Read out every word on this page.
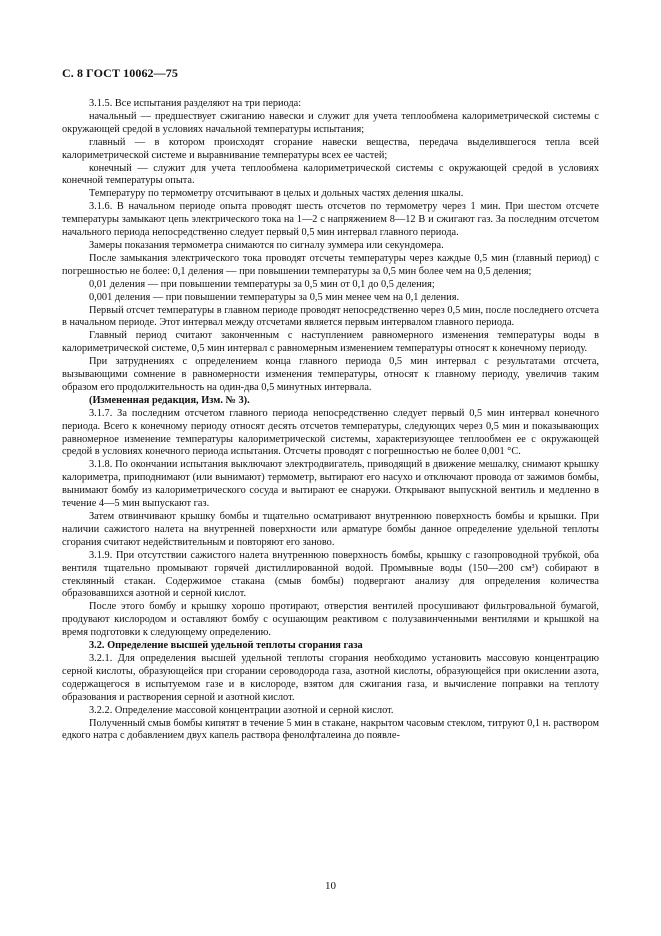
С. 8 ГОСТ 10062—75

3.1.5. Все испытания разделяют на три периода:

начальный — предшествует сжиганию навески и служит для учета теплообмена калориметрической системы с окружающей средой в условиях начальной температуры испытания;

главный — в котором происходят сгорание навески вещества, передача выделившегося тепла всей калориметрической системе и выравнивание температуры всех ее частей;

конечный — служит для учета теплообмена калориметрической системы с окружающей средой в условиях конечной температуры опыта.

Температуру по термометру отсчитывают в целых и дольных частях деления шкалы.

3.1.6. В начальном периоде опыта проводят шесть отсчетов по термометру через 1 мин. При шестом отсчете температуры замыкают цепь электрического тока на 1—2 с напряжением 8—12 В и сжигают газ. За последним отсчетом начального периода непосредственно следует первый 0,5 мин интервал главного периода.

Замеры показания термометра снимаются по сигналу зуммера или секундомера.

После замыкания электрического тока проводят отсчеты температуры через каждые 0,5 мин (главный период) с погрешностью не более: 0,1 деления — при повышении температуры за 0,5 мин более чем на 0,5 деления;

0,01 деления — при повышении температуры за 0,5 мин от 0,1 до 0,5 деления;

0,001 деления — при повышении температуры за 0,5 мин менее чем на 0,1 деления.

Первый отсчет температуры в главном периоде проводят непосредственно через 0,5 мин, после последнего отсчета в начальном периоде. Этот интервал между отсчетами является первым интервалом главного периода.

Главный период считают законченным с наступлением равномерного изменения температуры воды в калориметрической системе, 0,5 мин интервал с равномерным изменением температуры относят к конечному периоду.

При затруднениях с определением конца главного периода 0,5 мин интервал с результатами отсчета, вызывающими сомнение в равномерности изменения температуры, относят к главному периоду, увеличив таким образом его продолжительность на один-два 0,5 минутных интервала.

(Измененная редакция, Изм. № 3).

3.1.7. За последним отсчетом главного периода непосредственно следует первый 0,5 мин интервал конечного периода. Всего к конечному периоду относят десять отсчетов температуры, следующих через 0,5 мин и показывающих равномерное изменение температуры калориметрической системы, характеризующее теплообмен ее с окружающей средой в условиях конечного периода испытания. Отсчеты проводят с погрешностью не более 0,001 °С.

3.1.8. По окончании испытания выключают электродвигатель, приводящий в движение мешалку, снимают крышку калориметра, приподнимают (или вынимают) термометр, вытирают его насухо и отключают провода от зажимов бомбы, вынимают бомбу из калориметрического сосуда и вытирают ее снаружи. Открывают выпускной вентиль и медленно в течение 4—5 мин выпускают газ.

Затем отвинчивают крышку бомбы и тщательно осматривают внутреннюю поверхность бомбы и крышки. При наличии сажистого налета на внутренней поверхности или арматуре бомбы данное определение удельной теплоты сгорания считают недействительным и повторяют его заново.

3.1.9. При отсутствии сажистого налета внутреннюю поверхность бомбы, крышку с газопроводной трубкой, оба вентиля тщательно промывают горячей дистиллированной водой. Промывные воды (150—200 см³) собирают в стеклянный стакан. Содержимое стакана (смыв бомбы) подвергают анализу для определения количества образовавшихся азотной и серной кислот.

После этого бомбу и крышку хорошо протирают, отверстия вентилей просушивают фильтровальной бумагой, продувают кислородом и оставляют бомбу с осушающим реактивом с полузавинченными вентилями и крышкой на время подготовки к следующему определению.

3.2. Определение высшей удельной теплоты сгорания газа

3.2.1. Для определения высшей удельной теплоты сгорания необходимо установить массовую концентрацию серной кислоты, образующейся при сгорании сероводорода газа, азотной кислоты, образующейся при окислении азота, содержащегося в испытуемом газе и в кислороде, взятом для сжигания газа, и вычисление поправки на теплоту образования и растворения серной и азотной кислот.

3.2.2. Определение массовой концентрации азотной и серной кислот.

Полученный смыв бомбы кипятят в течение 5 мин в стакане, накрытом часовым стеклом, титруют 0,1 н. раствором едкого натра с добавлением двух капель раствора фенолфталеина до появле-

10
